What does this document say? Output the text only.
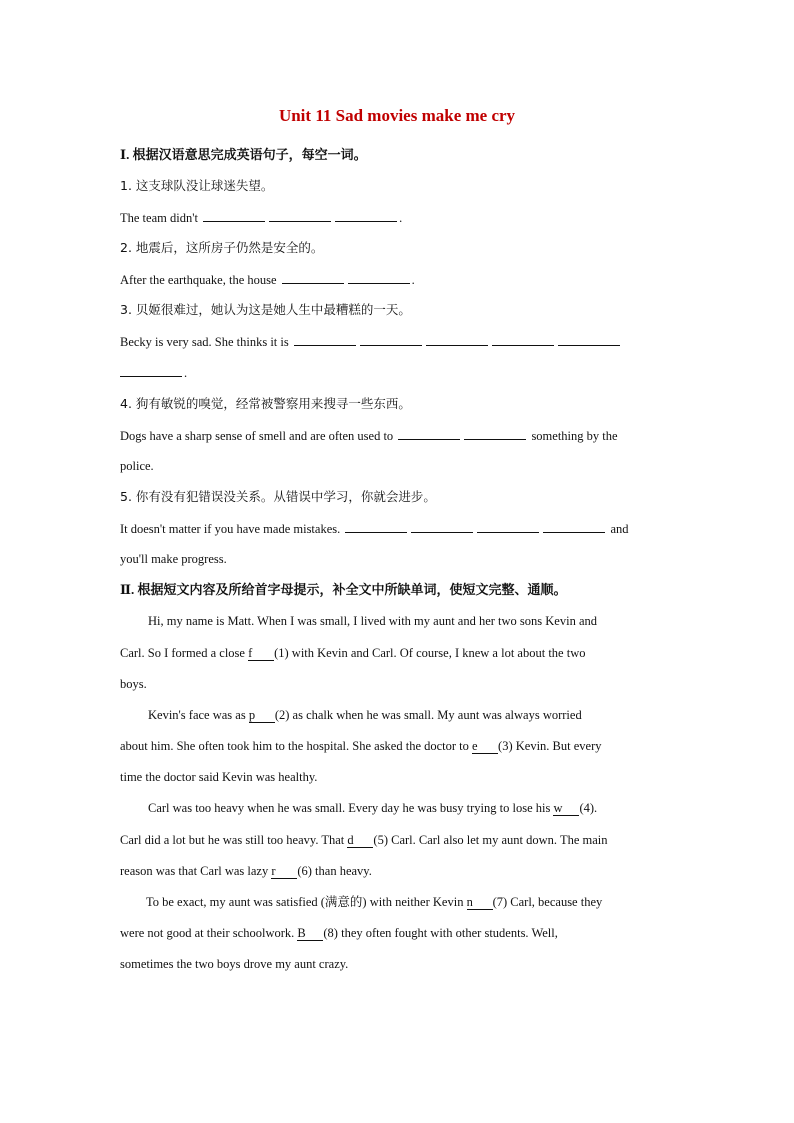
Unit 11 Sad movies make me cry
Ⅰ. 根据汉语意思完成英语句子，每空一词。
1. 这支球队没让球迷失望。
The team didn't	.
2. 地震后，这所房子仍然是安全的。
After the earthquake, the house	.
3. 贝姬很难过，她认为这是她人生中最糟糕的一天。
Becky is very sad. She thinks it is
.
4. 狗有敏锐的嗅觉，经常被警察用来搜寻一些东西。
Dogs have a sharp sense of smell and are often used to	something by the
police.
5. 你有没有犯错误没关系。从错误中学习，你就会进步。
It doesn't matter if you have made mistakes.	and
you'll make progress.
Ⅱ. 根据短文内容及所给首字母提示，补全文中所缺单词，使短文完整、通顺。
Hi, my name is Matt. When I was small, I lived with my aunt and her two sons Kevin and
Carl. So I formed a close f (1) with Kevin and Carl. Of course, I knew a lot about the two
boys.
Kevin's face was as p (2) as chalk when he was small. My aunt was always worried
about him. She often took him to the hospital. She asked the doctor to e (3) Kevin. But every
time the doctor said Kevin was healthy.
Carl was too heavy when he was small. Every day he was busy trying to lose his w (4).
Carl did a lot but he was still too heavy. That d (5) Carl. Carl also let my aunt down. The main
reason was that Carl was lazy r (6) than heavy.
To be exact, my aunt was satisfied (满意的) with neither Kevin n (7) Carl, because they
were not good at their schoolwork. B (8) they often fought with other students. Well,
sometimes the two boys drove my aunt crazy.
